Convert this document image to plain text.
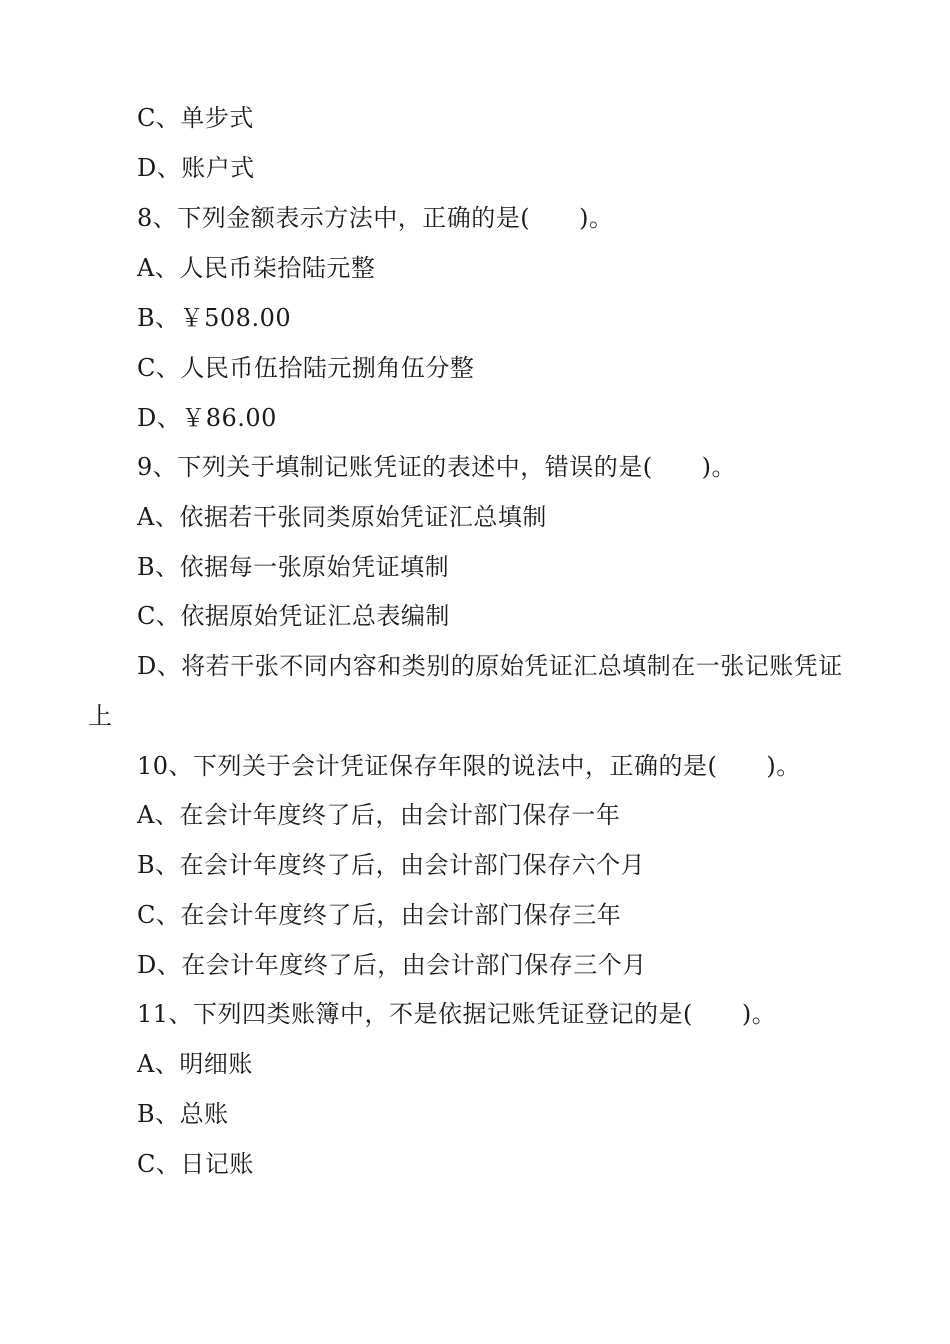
C、单步式

D、账户式

8、下列金额表示方法中，正确的是(　　)。

A、人民币柒拾陆元整

B、￥508.00

C、人民币伍拾陆元捌角伍分整

D、￥86.00

9、下列关于填制记账凭证的表述中，错误的是(　　)。

A、依据若干张同类原始凭证汇总填制

B、依据每一张原始凭证填制

C、依据原始凭证汇总表编制

D、将若干张不同内容和类别的原始凭证汇总填制在一张记账凭证

上

10、下列关于会计凭证保存年限的说法中，正确的是(　　)。

A、在会计年度终了后，由会计部门保存一年

B、在会计年度终了后，由会计部门保存六个月

C、在会计年度终了后，由会计部门保存三年

D、在会计年度终了后，由会计部门保存三个月

11、下列四类账簿中，不是依据记账凭证登记的是(　　)。

A、明细账

B、总账

C、日记账
